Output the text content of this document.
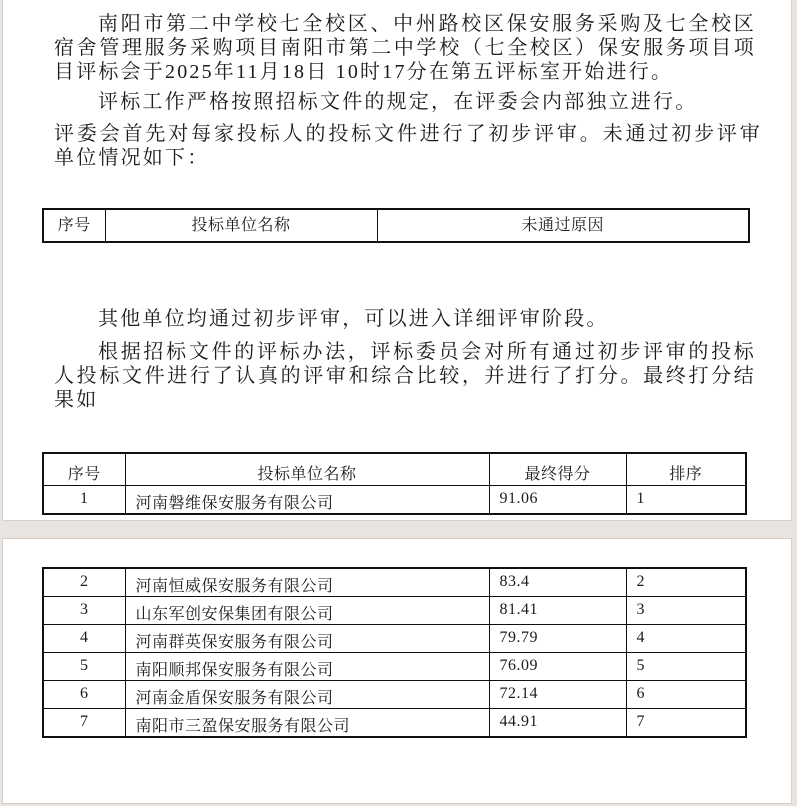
南阳市第二中学校七全校区、中州路校区保安服务采购及七全校区宿舍管理服务采购项目南阳市第二中学校（七全校区）保安服务项目项目评标会于2025年11月18日 10时17分在第五评标室开始进行。
评标工作严格按照招标文件的规定，在评委会内部独立进行。
评委会首先对每家投标人的投标文件进行了初步评审。未通过初步评审单位情况如下：
序号	投标单位名称	未通过原因
其他单位均通过初步评审，可以进入详细评审阶段。
根据招标文件的评标办法，评标委员会对所有通过初步评审的投标人投标文件进行了认真的评审和综合比较，并进行了打分。最终打分结果如
序号	投标单位名称	最终得分	排序
1	河南磐维保安服务有限公司	91.06	1
2	河南恒威保安服务有限公司	83.4	2
3	山东军创安保集团有限公司	81.41	3
4	河南群英保安服务有限公司	79.79	4
5	南阳顺邦保安服务有限公司	76.09	5
6	河南金盾保安服务有限公司	72.14	6
7	南阳市三盈保安服务有限公司	44.91	7
